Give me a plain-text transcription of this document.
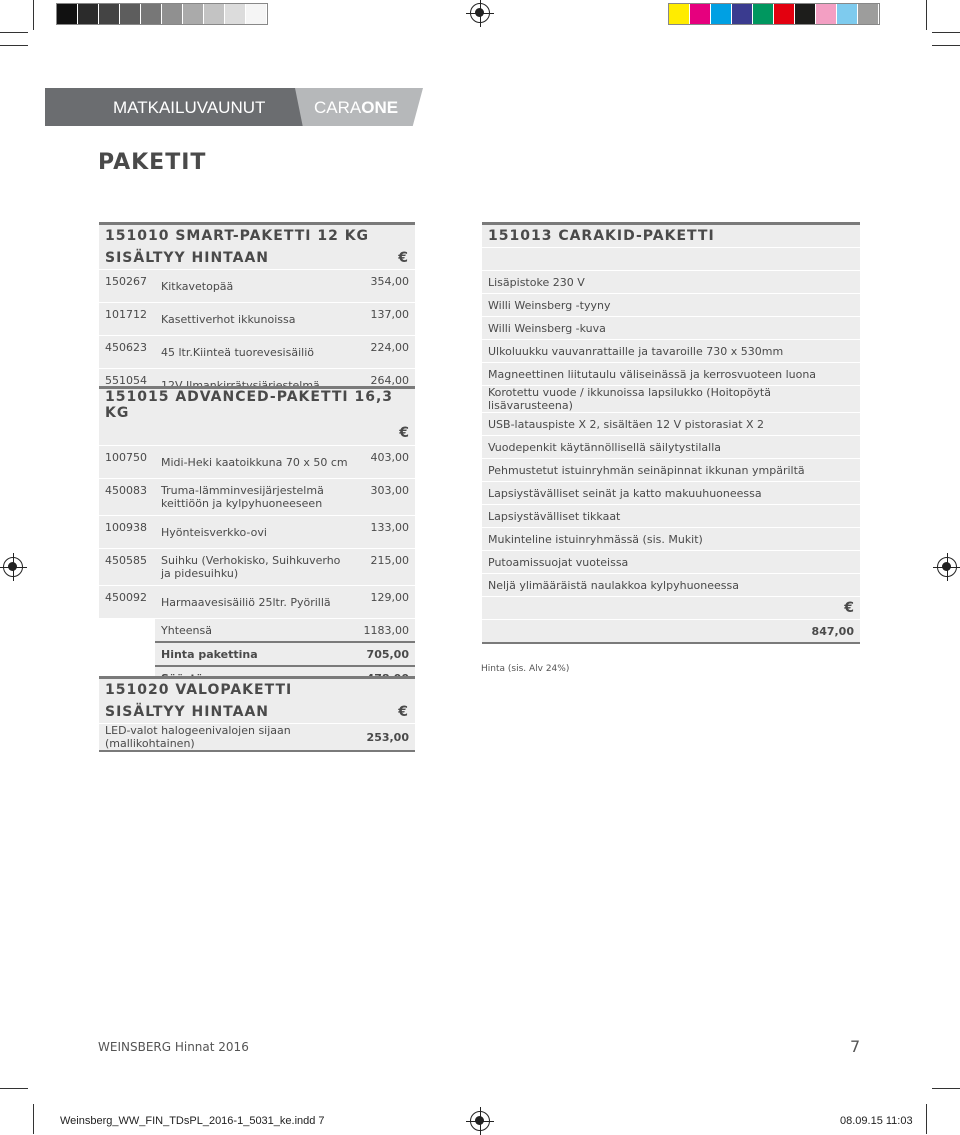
MATKAILUVAUNUT	CARAONE
PAKETIT
151010 SMART-PAKETTI 12 KG		
SISÄLTYY HINTAAN		€
150267	Kitkavetopää	354,00
101712	Kasettiverhot ikkunoissa	137,00
450623	45 ltr.Kiinteä tuorevesisäiliö	224,00
551054	12V Ilmankirrätysjärjestelmä	264,00
151015 ADVANCED-PAKETTI 16,3 KG		
		€
100750	Midi-Heki kaatoikkuna 70 x 50 cm	403,00
450083	Truma-lämminvesijärjestelmä keittiöön ja kylpyhuoneeseen	303,00
100938	Hyönteisverkko-ovi	133,00
450585	Suihku (Verhokisko, Suihkuverho ja pidesuihku)	215,00
450092	Harmaavesisäiliö 25ltr. Pyörillä	129,00
	Yhteensä	1183,00
	Hinta pakettina	705,00
	Säästä	478,00
151020 VALOPAKETTI	
SISÄLTYY HINTAAN	€
LED-valot halogeenivalojen sijaan (mallikohtainen)	253,00
151013 CARAKID-PAKETTI	

Lisäpistoke 230 V	
Willi Weinsberg -tyyny	
Willi Weinsberg -kuva	
Ulkoluukku vauvanrattaille ja tavaroille 730 x 530mm	
Magneettinen liitutaulu väliseinässä ja kerrosvuoteen luona	
Korotettu vuode / ikkunoissa lapsilukko (Hoitopöytä lisävarusteena)	
USB-latauspiste X 2, sisältäen 12 V pistorasiat X 2	
Vuodepenkit käytännöllisellä säilytystilalla	
Pehmustetut istuinryhmän seinäpinnat ikkunan ympäriltä	
Lapsiystävälliset seinät ja katto makuuhuoneessa	
Lapsiystävälliset tikkaat	
Mukinteline istuinryhmässä (sis. Mukit)	
Putoamissuojat vuoteissa	
Neljä ylimääräistä naulakkoa kylpyhuoneessa	
	€
	847,00
Hinta (sis. Alv 24%)
WEINSBERG Hinnat 2016	7
Weinsberg_WW_FIN_TDsPL_2016-1_5031_ke.indd 7	08.09.15 11:03
